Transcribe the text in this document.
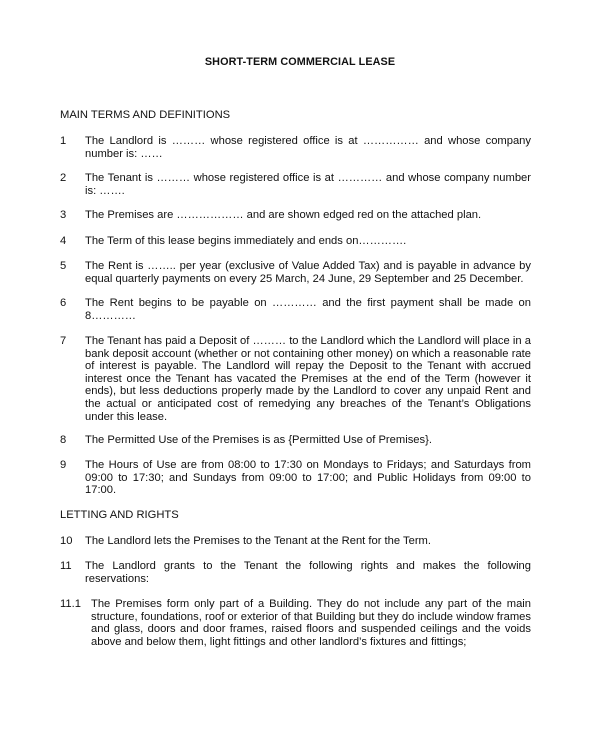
SHORT-TERM COMMERCIAL LEASE
MAIN TERMS AND DEFINITIONS
1 The Landlord is ……… whose registered office is at …………… and whose company number is: ……
2 The Tenant is ……… whose registered office is at ………… and whose company number is: …….
3 The Premises are ……………… and are shown edged red on the attached plan.
4 The Term of this lease begins immediately and ends on………….
5 The Rent is …….. per year (exclusive of Value Added Tax) and is payable in advance by equal quarterly payments on every 25 March, 24 June, 29 September and 25 December.
6 The Rent begins to be payable on ………… and the first payment shall be made on 8…………
7 The Tenant has paid a Deposit of ……… to the Landlord which the Landlord will place in a bank deposit account (whether or not containing other money) on which a reasonable rate of interest is payable. The Landlord will repay the Deposit to the Tenant with accrued interest once the Tenant has vacated the Premises at the end of the Term (however it ends), but less deductions properly made by the Landlord to cover any unpaid Rent and the actual or anticipated cost of remedying any breaches of the Tenant’s Obligations under this lease.
8 The Permitted Use of the Premises is as {Permitted Use of Premises}.
9 The Hours of Use are from 08:00 to 17:30 on Mondays to Fridays; and Saturdays from 09:00 to 17:30; and Sundays from 09:00 to 17:00; and Public Holidays from 09:00 to 17:00.
LETTING AND RIGHTS
10 The Landlord lets the Premises to the Tenant at the Rent for the Term.
11 The Landlord grants to the Tenant the following rights and makes the following reservations:
11.1 The Premises form only part of a Building. They do not include any part of the main structure, foundations, roof or exterior of that Building but they do include window frames and glass, doors and door frames, raised floors and suspended ceilings and the voids above and below them, light fittings and other landlord’s fixtures and fittings;
